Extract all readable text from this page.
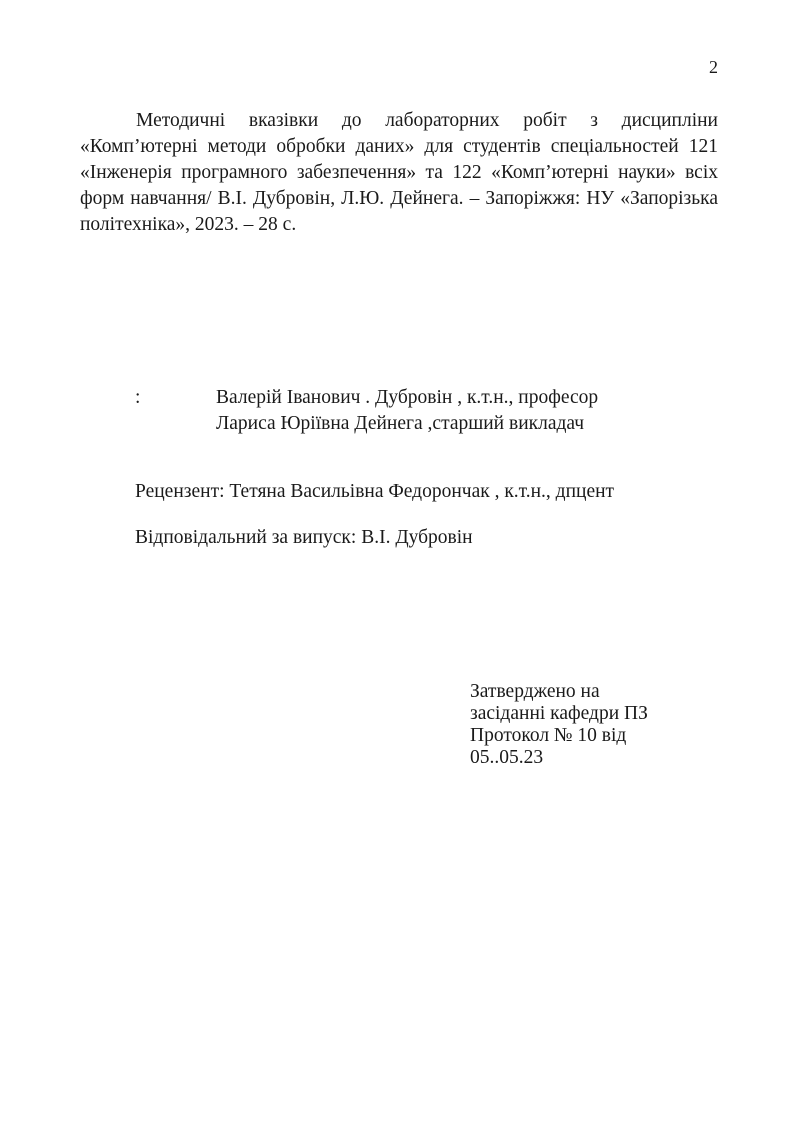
2

Методичні вказівки до лабораторних робіт з дисципліни «Комп’ютерні методи обробки даних» для студентів спеціальностей 121 «Інженерія програмного забезпечення» та 122 «Комп’ютерні науки» всіх форм навчання/ В.І. Дубровін, Л.Ю. Дейнега. – Запоріжжя: НУ «Запорізька політехніка», 2023. – 28 с.

:	Валерій Іванович . Дубровін , к.т.н., професор
Лариса Юріївна Дейнега ,старший викладач
Рецензент: Тетяна Васильівна Федорончак , к.т.н., дпцент
Відповідальний за випуск: В.І. Дубровін
Затверджено на
засіданні кафедри ПЗ
Протокол № 10 від
05..05.23
